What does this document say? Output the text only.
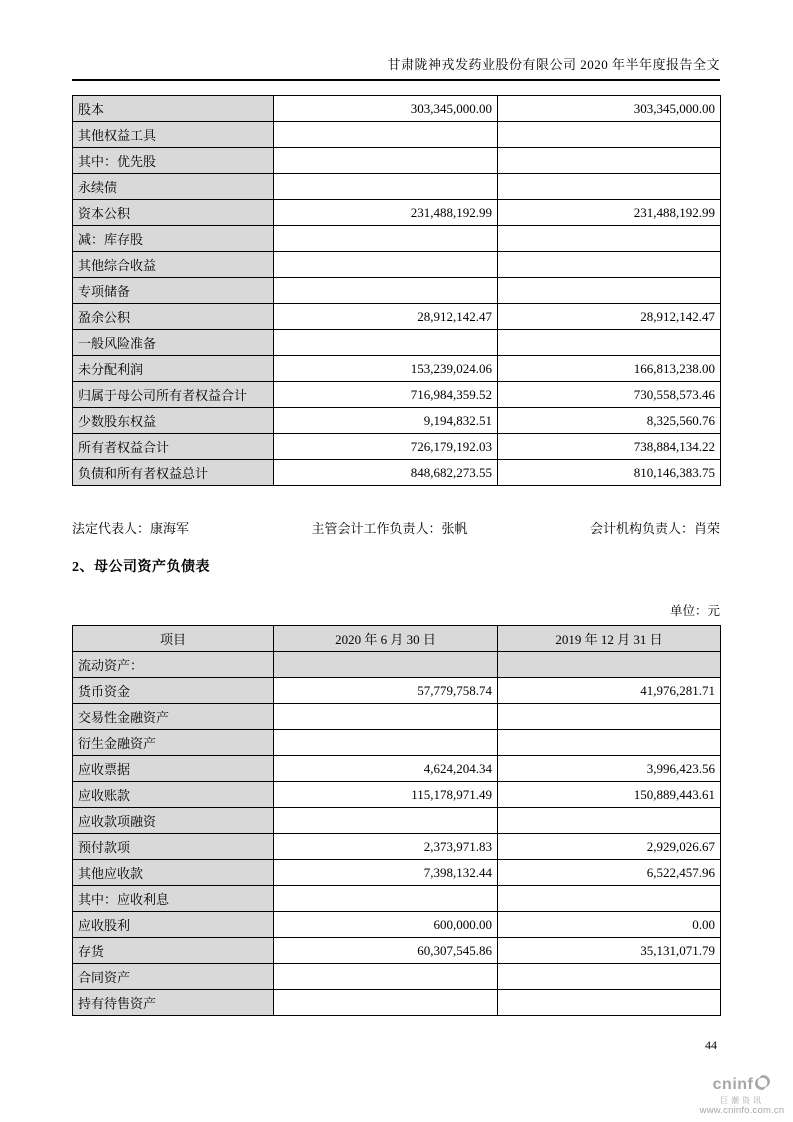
甘肃陇神戎发药业股份有限公司 2020 年半年度报告全文
股本	303,345,000.00	303,345,000.00
其他权益工具		
其中：优先股		
永续债		
资本公积	231,488,192.99	231,488,192.99
减：库存股		
其他综合收益		
专项储备		
盈余公积	28,912,142.47	28,912,142.47
一般风险准备		
未分配利润	153,239,024.06	166,813,238.00
归属于母公司所有者权益合计	716,984,359.52	730,558,573.46
少数股东权益	9,194,832.51	8,325,560.76
所有者权益合计	726,179,192.03	738,884,134.22
负债和所有者权益总计	848,682,273.55	810,146,383.75
法定代表人：康海军	主管会计工作负责人：张帆	会计机构负责人：肖荣
2、母公司资产负债表
单位：元
项目	2020 年 6 月 30 日	2019 年 12 月 31 日
流动资产：		
货币资金	57,779,758.74	41,976,281.71
交易性金融资产		
衍生金融资产		
应收票据	4,624,204.34	3,996,423.56
应收账款	115,178,971.49	150,889,443.61
应收款项融资		
预付款项	2,373,971.83	2,929,026.67
其他应收款	7,398,132.44	6,522,457.96
其中：应收利息		
应收股利	600,000.00	0.00
存货	60,307,545.86	35,131,071.79
合同资产		
持有待售资产		
44
cninf
巨潮资讯
www.cninfo.com.cn
